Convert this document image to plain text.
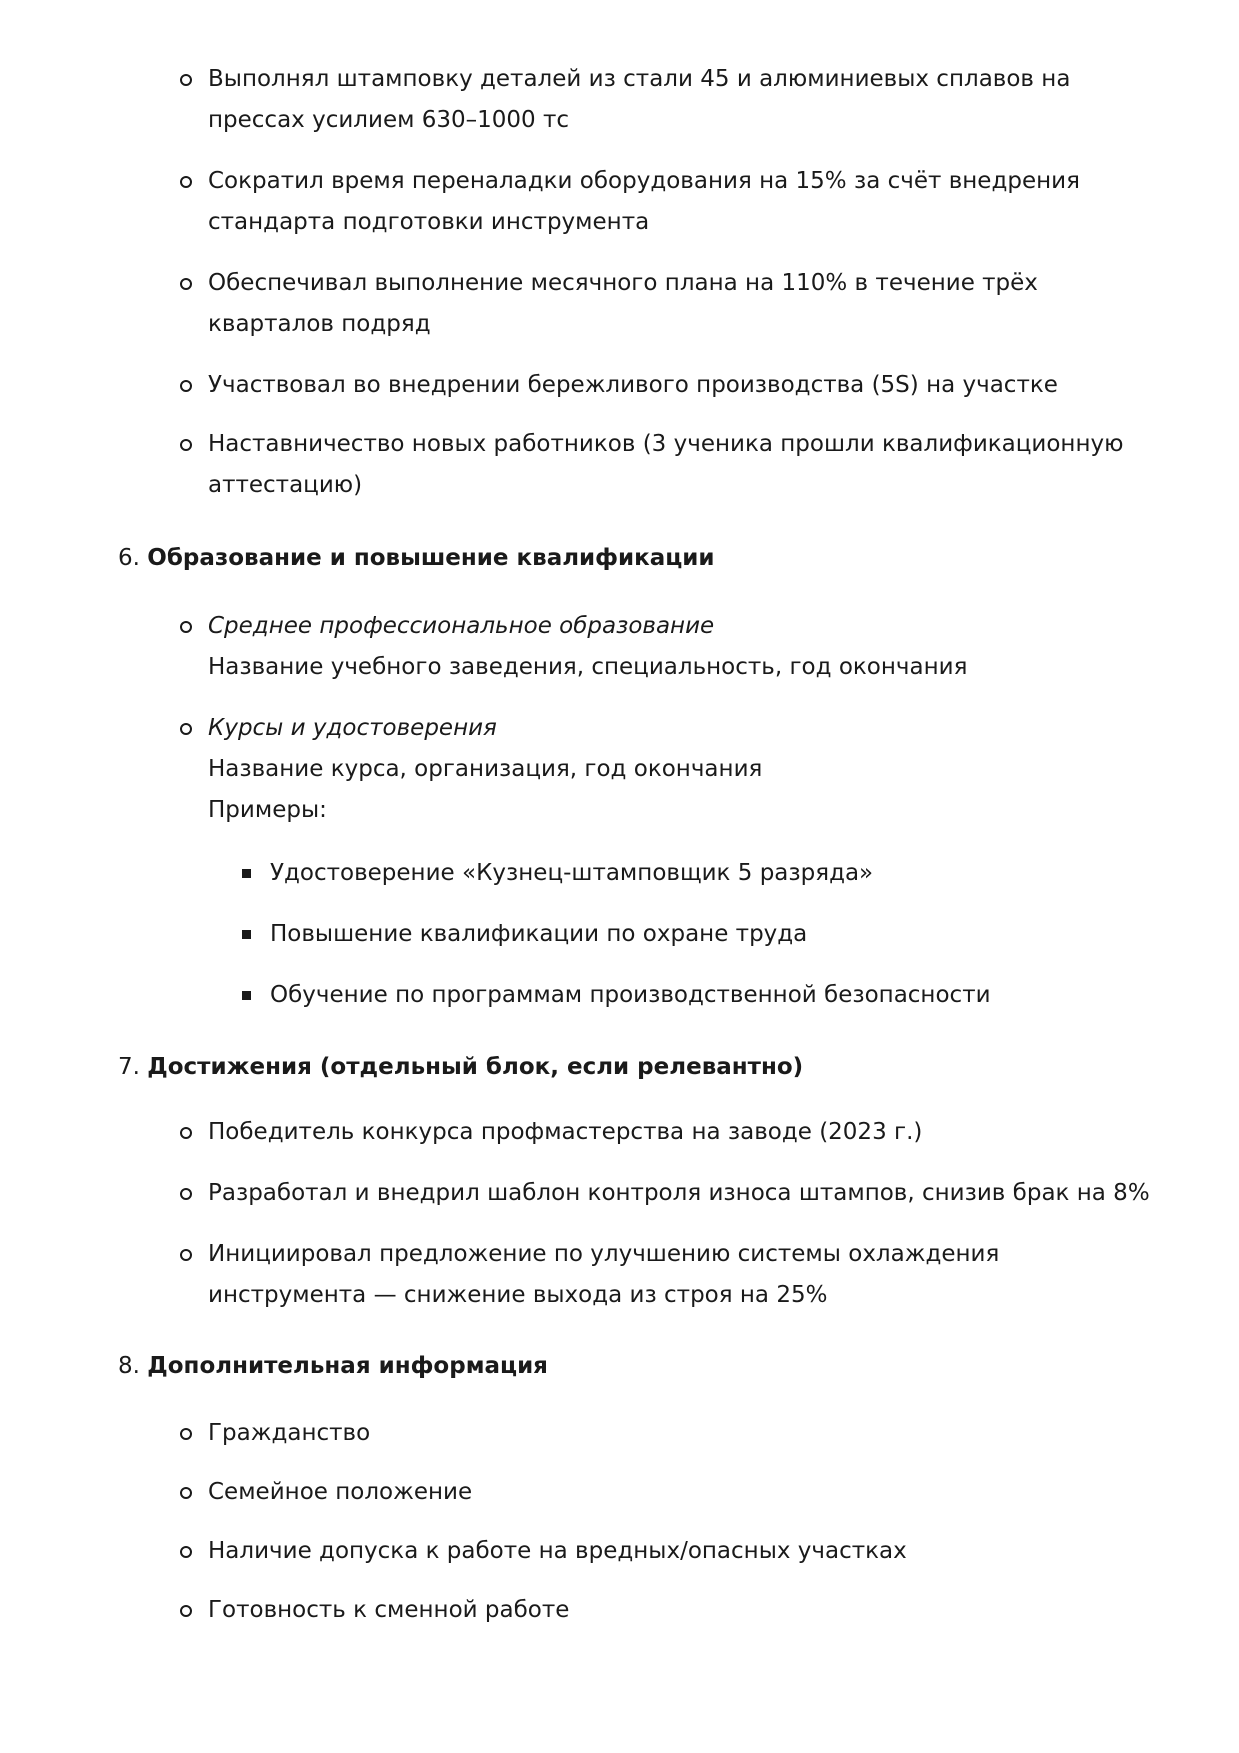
Выполнял штамповку деталей из стали 45 и алюминиевых сплавов на прессах усилием 630–1000 тс
Сократил время переналадки оборудования на 15% за счёт внедрения стандарта подготовки инструмента
Обеспечивал выполнение месячного плана на 110% в течение трёх кварталов подряд
Участвовал во внедрении бережливого производства (5S) на участке
Наставничество новых работников (3 ученика прошли квалификационную аттестацию)
6. Образование и повышение квалификации
Среднее профессиональное образование
Название учебного заведения, специальность, год окончания
Курсы и удостоверения
Название курса, организация, год окончания
Примеры:
Удостоверение «Кузнец-штамповщик 5 разряда»
Повышение квалификации по охране труда
Обучение по программам производственной безопасности
7. Достижения (отдельный блок, если релевантно)
Победитель конкурса профмастерства на заводе (2023 г.)
Разработал и внедрил шаблон контроля износа штампов, снизив брак на 8%
Инициировал предложение по улучшению системы охлаждения инструмента — снижение выхода из строя на 25%
8. Дополнительная информация
Гражданство
Семейное положение
Наличие допуска к работе на вредных/опасных участках
Готовность к сменной работе
